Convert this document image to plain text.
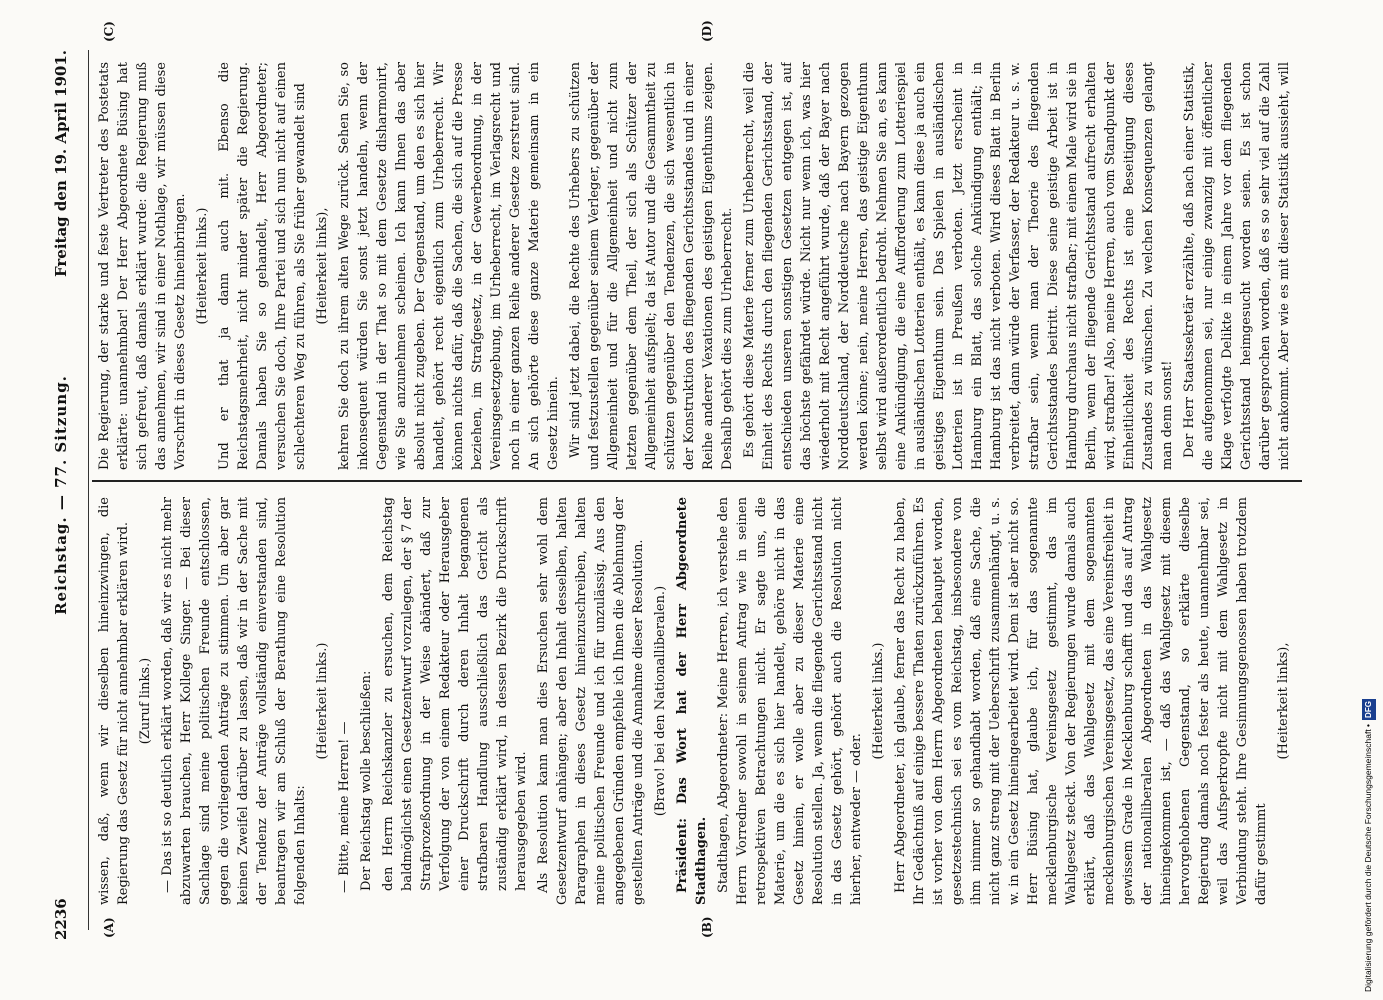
Reichstag. — 77. Sitzung.
2236
Freitag den 19. April 1901.
(A)	(B)
(C)	(D)

wissen, daß, wenn wir dieselben hineinzwingen, die Regierung das Gesetz für nicht annehmbar erklären wird. (Zuruf links.) — Das ist so deutlich erklärt worden, daß wir es nicht mehr abzuwarten brauchen, Herr Kollege Singer. — Bei dieser Sachlage sind meine politischen Freunde entschlossen, gegen die vorliegenden Anträge zu stimmen. Um aber gar keinen Zweifel darüber zu lassen, daß wir in der Sache mit der Tendenz der Anträge vollständig einverstanden sind, beantragen wir am Schluß der Berathung eine Resolution folgenden Inhalts:

(Heiterkeit links.)

— Bitte, meine Herren! — Der Reichstag wolle beschließen: den Herrn Reichskanzler zu ersuchen, dem Reichstag baldmöglichst einen Gesetzentwurf vorzulegen, der § 7 der Strafprozeßordnung in der Weise abändert, daß zur Verfolgung der von einem Redakteur oder Herausgeber einer Druckschrift durch deren Inhalt begangenen strafbaren Handlung ausschließlich das Gericht als zuständig erklärt wird, in dessen Bezirk die Druckschrift herausgegeben wird. Als Resolution kann man dies Ersuchen sehr wohl dem Gesetzentwurf anhängen; aber den Inhalt desselben, halten Paragraphen in dieses Gesetz hineinzuschreiben, halten meine politischen Freunde und ich für unzulässig. Aus den angegebenen Gründen empfehle ich Ihnen die Ablehnung der gestellten Anträge und die Annahme dieser Resolution. (Bravo! bei den Nationalliberalen.) Präsident: Das Wort hat der Herr Abgeordnete Stadthagen. Stadthagen, Abgeordneter: Meine Herren, ich verstehe den Herrn Vorredner sowohl in seinem Antrag wie in seinen retrospektiven Betrachtungen nicht. Er sagte uns, die Materie, um die es sich hier handelt, gehöre nicht in das Gesetz hinein, er wolle aber zu dieser Materie eine Resolution stellen. Ja, wenn die fliegende Gerichtsstand nicht in das Gesetz gehört, gehört auch die Resolution nicht hierher, entweder — oder.

(Heiterkeit links.) Herr Abgeordneter, ich glaube, ferner das Recht zu haben, Ihr Gedächtniß auf einige bessere Thaten zurückzuführen. Es ist vorher von dem Herrn Abgeordneten behauptet worden, gesetzestechnisch sei es vom Reichstag, insbesondere von ihm nimmer so gehandhabt worden, daß eine Sache, die nicht ganz streng mit der Ueberschrift zusammenhängt, u. s. w. in ein Gesetz hineingearbeitet wird. Dem ist aber nicht so. Herr Büsing hat, glaube ich, für das sogenannte mecklenburgische Vereinsgesetz gestimmt, das im Wahlgesetz steckt. Von der Regierungen wurde damals auch erklärt, daß das Wahlgesetz mit dem sogenannten mecklenburgischen Vereinsgesetz, das eine Vereinsfreiheit in gewissem Grade in Mecklenburg schafft und das auf Antrag der nationalliberalen Abgeordneten in das Wahlgesetz hineingekommen ist, — daß das Wahlgesetz mit diesem hervorgehobenen Gegenstand, so erklärte dieselbe Regierung damals noch fester als heute, unannehmbar sei, weil das Aufsperkropfte nicht mit dem Wahlgesetz in Verbindung steht. Ihre Gesinnungsgenossen haben trotzdem dafür gestimmt

(Heiterkeit links),

Die Regierung, der starke und feste Vertreter des Postetats erklärte: unannehmbar! Der Herr Abgeordnete Büsing hat sich gefreut, daß damals erklärt wurde: die Regierung muß das annehmen, wir sind in einer Nothlage, wir müssen diese Vorschrift in dieses Gesetz hineinbringen. (Heiterkeit links.) Und er that ja dann auch mit. Ebenso die Reichstagsmehrheit, nicht minder später die Regierung. Damals haben Sie so gehandelt, Herr Abgeordneter; versuchen Sie doch, Ihre Partei und sich nun nicht auf einen schlechteren Weg zu führen, als Sie früher gewandelt sind (Heiterkeit links), kehren Sie doch zu ihrem alten Wege zurück. Sehen Sie, so inkonsequent würden Sie sonst jetzt handeln, wenn der Gegenstand in der That so mit dem Gesetze disharmonirt, wie Sie anzunehmen scheinen. Ich kann Ihnen das aber absolut nicht zugeben. Der Gegenstand, um den es sich hier handelt, gehört recht eigentlich zum Urheberrecht. Wir können nichts dafür, daß die Sachen, die sich auf die Presse beziehen, im Strafgesetz, in der Gewerbeordnung, in der Vereinsgesetzgebung, im Urheberrecht, im Verlagsrecht und noch in einer ganzen Reihe anderer Gesetze zerstreut sind. An sich gehörte diese ganze Materie gemeinsam in ein Gesetz hinein. Wir sind jetzt dabei, die Rechte des Urhebers zu schützen und festzustellen gegenüber seinem Verleger, gegenüber der Allgemeinheit und für die Allgemeinheit und nicht zum letzten gegenüber dem Theil, der sich als Schützer der Allgemeinheit aufspielt; da ist Autor und die Gesammtheit zu schützen gegenüber den Tendenzen, die sich wesentlich in der Konstruktion des fliegenden Gerichtsstandes und in einer Reihe anderer Vexationen des geistigen Eigenthums zeigen. Deshalb gehört dies zum Urheberrecht. Es gehört diese Materie ferner zum Urheberrecht, weil die Einheit des Rechts durch den fliegenden Gerichtsstand, der entschieden unseren sonstigen Gesetzen entgegen ist, auf das höchste gefährdet würde. Nicht nur wenn ich, was hier wiederholt mit Recht angeführt wurde, daß der Bayer nach Norddeutschland, der Norddeutsche nach Bayern gezogen werden könne; nein, meine Herren, das geistige Eigenthum selbst wird außerordentlich bedroht. Nehmen Sie an, es kann eine Ankündigung, die eine Aufforderung zum Lotteriespiel in ausländischen Lotterien enthält, es kann diese ja auch ein geistiges Eigenthum sein. Das Spielen in ausländischen Lotterien ist in Preußen verboten. Jetzt erscheint in Hamburg ein Blatt, das solche Ankündigung enthält; in Hamburg ist das nicht verboten. Wird dieses Blatt in Berlin verbreitet, dann würde der Verfasser, der Redakteur u. s. w. strafbar sein, wenn man der Theorie des fliegenden Gerichtsstandes beitritt. Diese seine geistige Arbeit ist in Hamburg durchaus nicht strafbar; mit einem Male wird sie in Berlin, wenn der fliegende Gerichtsstand aufrecht erhalten wird, strafbar! Also, meine Herren, auch vom Standpunkt der Einheitlichkeit des Rechts ist eine Beseitigung dieses Zustandes zu wünschen. Zu welchen Konsequenzen gelangt man denn sonst! Der Herr Staatssekretär erzählte, daß nach einer Statistik, die aufgenommen sei, nur einige zwanzig mit öffentlicher Klage verfolgte Delikte in einem Jahre vor dem fliegenden Gerichtsstand heimgesucht worden seien. Es ist schon darüber gesprochen worden, daß es so sehr viel auf die Zahl nicht ankommt. Aber wie es mit dieser Statistik aussieht, will

Digitalisierung gefördert durch die Deutsche Forschungsgemeinschaft •DFG
